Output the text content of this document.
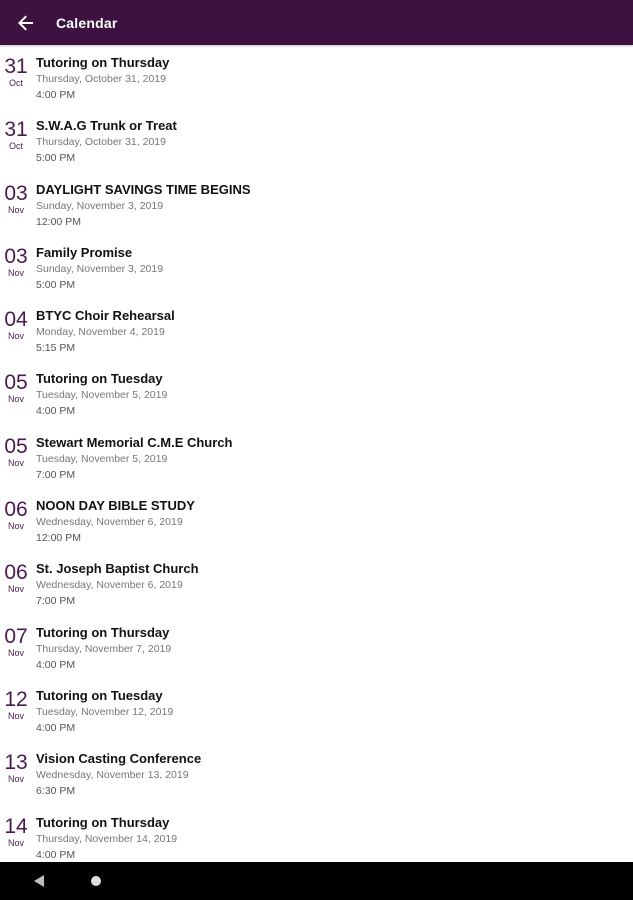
Calendar
31
Oct
Tutoring on Thursday
Thursday, October 31, 2019
4:00 PM
31
Oct
S.W.A.G Trunk or Treat
Thursday, October 31, 2019
5:00 PM
03
Nov
DAYLIGHT SAVINGS TIME BEGINS
Sunday, November 3, 2019
12:00 PM
03
Nov
Family Promise
Sunday, November 3, 2019
5:00 PM
04
Nov
BTYC Choir Rehearsal
Monday, November 4, 2019
5:15 PM
05
Nov
Tutoring on Tuesday
Tuesday, November 5, 2019
4:00 PM
05
Nov
Stewart Memorial C.M.E Church
Tuesday, November 5, 2019
7:00 PM
06
Nov
NOON DAY BIBLE STUDY
Wednesday, November 6, 2019
12:00 PM
06
Nov
St. Joseph Baptist Church
Wednesday, November 6, 2019
7:00 PM
07
Nov
Tutoring on Thursday
Thursday, November 7, 2019
4:00 PM
12
Nov
Tutoring on Tuesday
Tuesday, November 12, 2019
4:00 PM
13
Nov
Vision Casting Conference
Wednesday, November 13, 2019
6:30 PM
14
Nov
Tutoring on Thursday
Thursday, November 14, 2019
4:00 PM
